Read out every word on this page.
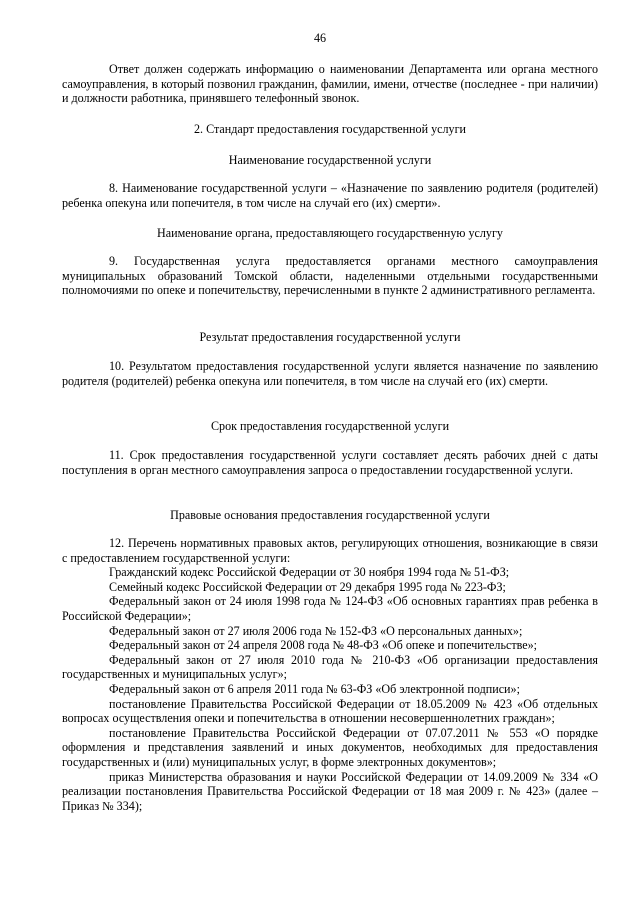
46

Ответ должен содержать информацию о наименовании Департамента или органа местного самоуправления, в который позвонил гражданин, фамилии, имени, отчестве (последнее - при наличии) и должности работника, принявшего телефонный звонок.

2. Стандарт предоставления государственной услуги

Наименование государственной услуги

8. Наименование государственной услуги – «Назначение по заявлению родителя (родителей) ребенка опекуна или попечителя, в том числе на случай его (их) смерти».

Наименование органа, предоставляющего государственную услугу

9. Государственная услуга предоставляется органами местного самоуправления муниципальных образований Томской области, наделенными отдельными государственными полномочиями по опеке и попечительству, перечисленными в пункте 2 административного регламента.

Результат предоставления государственной услуги

10. Результатом предоставления государственной услуги является назначение по заявлению родителя (родителей) ребенка опекуна или попечителя, в том числе на случай его (их) смерти.

Срок предоставления государственной услуги

11. Срок предоставления государственной услуги составляет десять рабочих дней с даты поступления в орган местного самоуправления запроса о предоставлении государственной услуги.

Правовые основания предоставления государственной услуги

12. Перечень нормативных правовых актов, регулирующих отношения, возникающие в связи с предоставлением государственной услуги:

Гражданский кодекс Российской Федерации от 30 ноября 1994 года № 51-ФЗ;

Семейный кодекс Российской Федерации от 29 декабря 1995 года № 223-ФЗ;

Федеральный закон от 24 июля 1998 года № 124-ФЗ «Об основных гарантиях прав ребенка в Российской Федерации»;

Федеральный закон от 27 июля 2006 года № 152-ФЗ «О персональных данных»;

Федеральный закон от 24 апреля 2008 года № 48-ФЗ «Об опеке и попечительстве»;

Федеральный закон от 27 июля 2010 года № 210-ФЗ «Об организации предоставления государственных и муниципальных услуг»;

Федеральный закон от 6 апреля 2011 года № 63-ФЗ «Об электронной подписи»;

постановление Правительства Российской Федерации от 18.05.2009 № 423 «Об отдельных вопросах осуществления опеки и попечительства в отношении несовершеннолетних граждан»;

постановление Правительства Российской Федерации от 07.07.2011 № 553 «О порядке оформления и представления заявлений и иных документов, необходимых для предоставления государственных и (или) муниципальных услуг, в форме электронных документов»;

приказ Министерства образования и науки Российской Федерации от 14.09.2009 № 334 «О реализации постановления Правительства Российской Федерации от 18 мая 2009 г. № 423» (далее – Приказ № 334);
